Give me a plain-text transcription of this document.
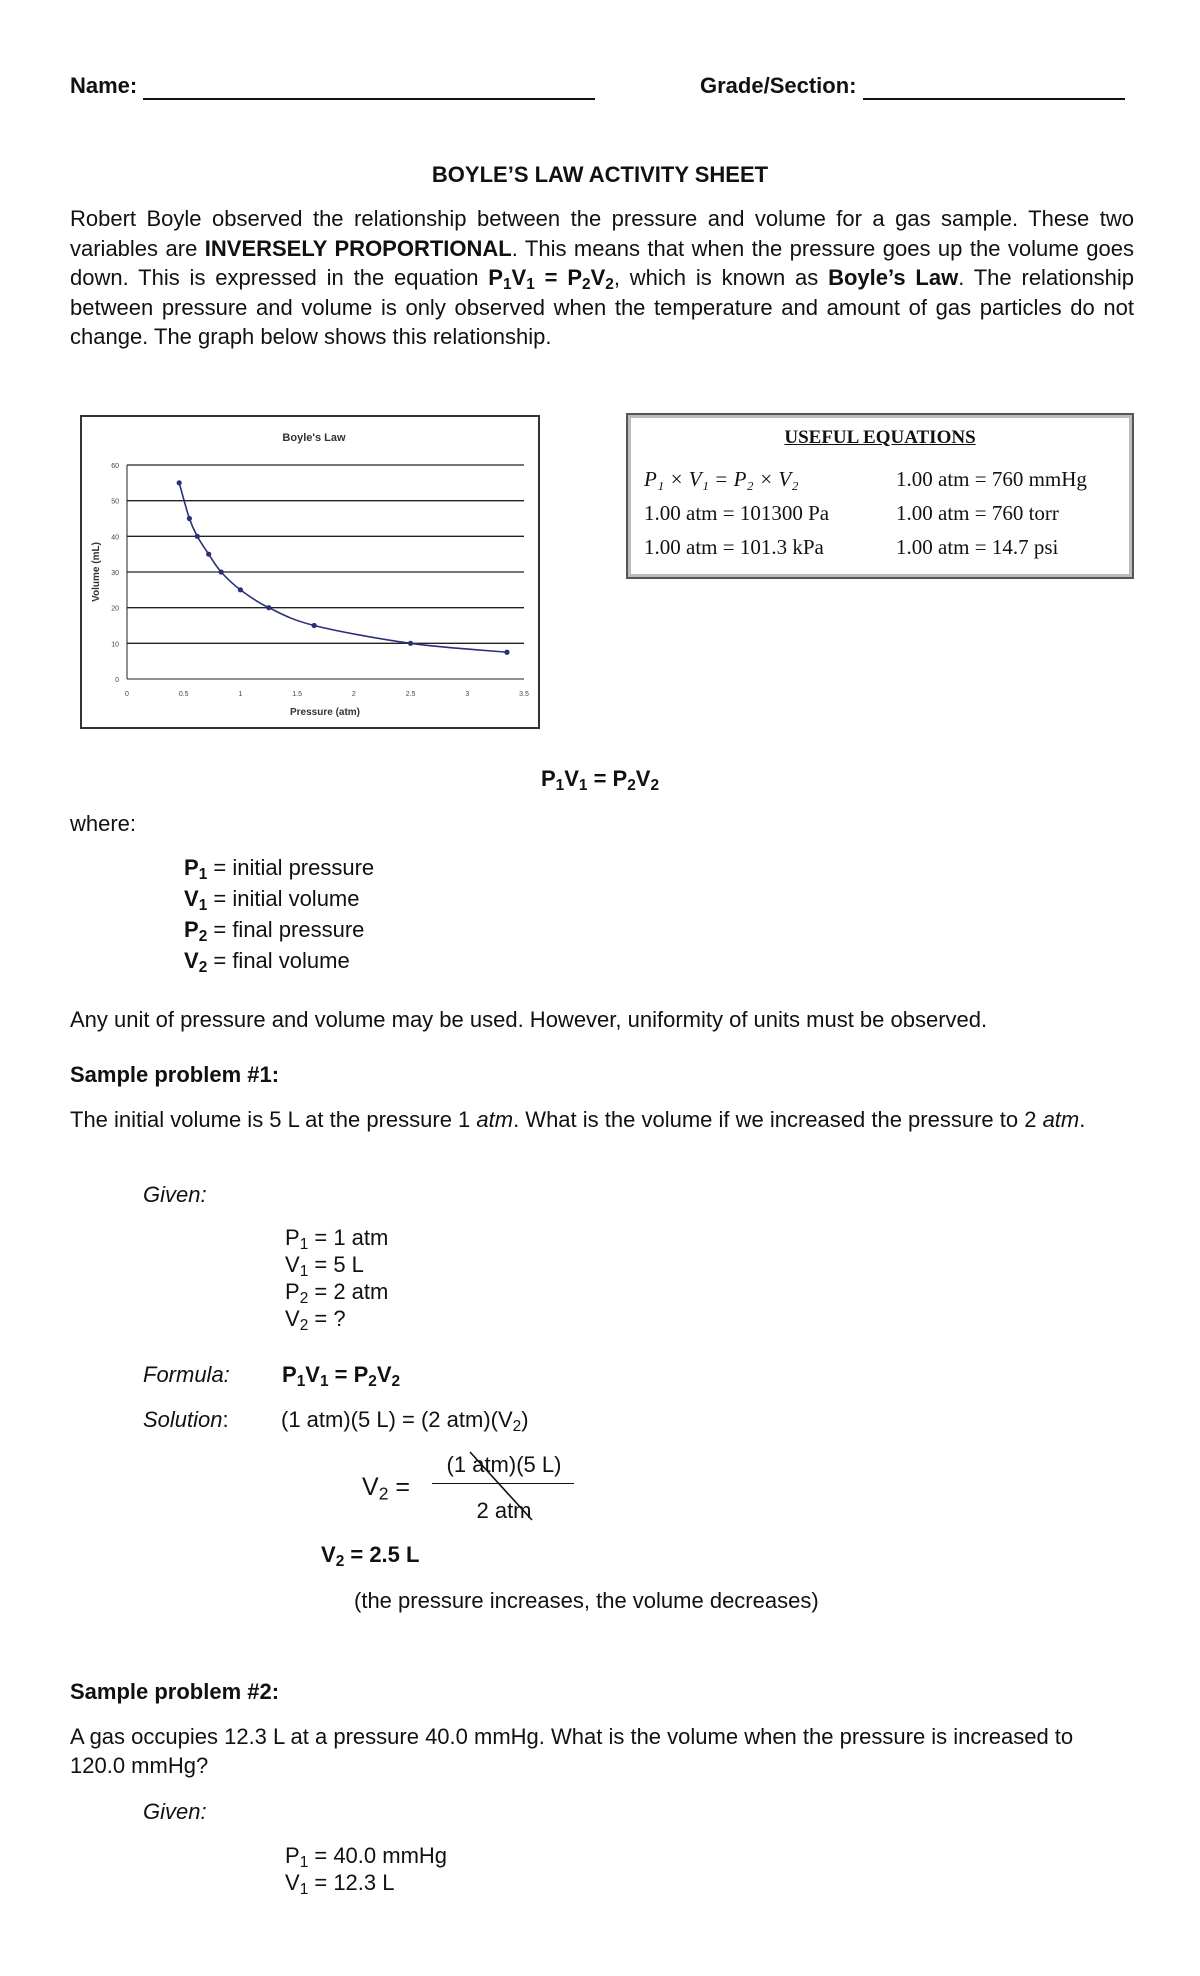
Name:	Grade/Section:
BOYLE’S LAW ACTIVITY SHEET
Robert Boyle observed the relationship between the pressure and volume for a gas sample. These two variables are INVERSELY PROPORTIONAL. This means that when the pressure goes up the volume goes down. This is expressed in the equation $P_1V_1 = P_2V_2$, which is known as Boyle’s Law. The relationship between pressure and volume is only observed when the temperature and amount of gas particles do not change. The graph below shows this relationship.
Boyle's Law
Pressure (atm)
Volume (mL)
0
10
20
30
40
50
60
0	0.5	1	1.5	2	2.5	3	3.5
USEFUL EQUATIONS
P₁ × V₁ = P₂ × V₂	1.00 atm = 760 mmHg
1.00 atm = 101300 Pa	1.00 atm = 760 torr
1.00 atm = 101.3 kPa	1.00 atm = 14.7 psi
$P_1V_1 = P_2V_2$
where:
$P_1$ = initial pressure
$V_1$ = initial volume
$P_2$ = final pressure
$V_2$ = final volume
Any unit of pressure and volume may be used. However, uniformity of units must be observed.
Sample problem #1:
The initial volume is 5 L at the pressure 1 atm. What is the volume if we increased the pressure to 2 atm.
Given:
$P_1 = 1$ atm
$V_1 = 5$ L
$P_2 = 2$ atm
$V_2$ = ?
Formula: $P_1V_1 = P_2V_2$
Solution: (1 atm)(5 L) = (2 $atm)(V_2)$
$V_2$ =
(1 atm)(5 L)
2 atm
$V_2 = 2.5$ L
(the pressure increases, the volume decreases)
Sample problem #2:
A gas occupies 12.3 L at a pressure 40.0 mmHg. What is the volume when the pressure is increased to 120.0 mmHg?
Given:
$P_1 = 40.0$ mmHg
$V_1 = 12.3$ L
